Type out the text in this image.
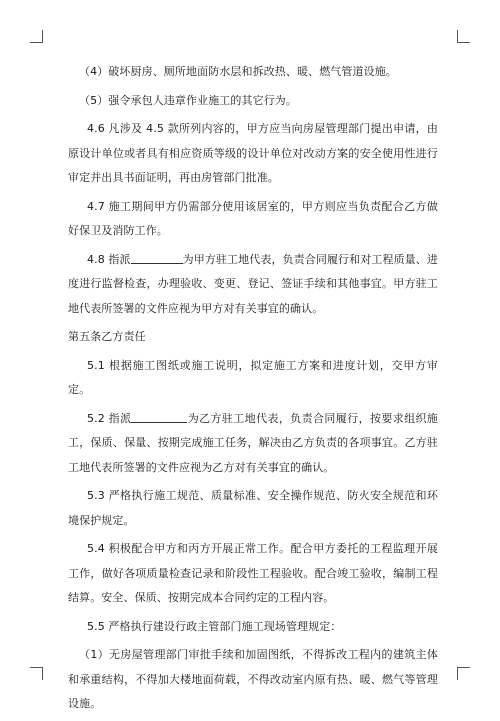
（4）破坏厨房、厕所地面防水层和拆改热、暖、燃气管道设施。

（5）强令承包人违章作业施工的其它行为。

4.6 凡涉及 4.5 款所列内容的，甲方应当向房屋管理部门提出申请，由原设计单位或者具有相应资质等级的设计单位对改动方案的安全使用性进行审定并出具书面证明，再由房管部门批准。

4.7 施工期间甲方仍需部分使用该居室的，甲方则应当负责配合乙方做好保卫及消防工作。

4.8 指派	为甲方驻工地代表，负责合同履行和对工程质量、进度进行监督检查，办理验收、变更、登记、签证手续和其他事宜。甲方驻工地代表所签署的文件应视为甲方对有关事宜的确认。

第五条乙方责任

5.1 根据施工图纸或施工说明，拟定施工方案和进度计划，交甲方审定。

5.2 指派	为乙方驻工地代表，负责合同履行，按要求组织施工，保质、保量、按期完成施工任务，解决由乙方负责的各项事宜。乙方驻工地代表所签署的文件应视为乙方对有关事宜的确认。

5.3 严格执行施工规范、质量标准、安全操作规范、防火安全规范和环境保护规定。

5.4 积极配合甲方和丙方开展正常工作。配合甲方委托的工程监理开展工作，做好各项质量检查记录和阶段性工程验收。配合竣工验收，编制工程结算。安全、保质、按期完成本合同约定的工程内容。

5.5 严格执行建设行政主管部门施工现场管理规定：

（1）无房屋管理部门审批手续和加固图纸，不得拆改工程内的建筑主体和承重结构，不得加大楼地面荷载，不得改动室内原有热、暖、燃气等管理设施。
